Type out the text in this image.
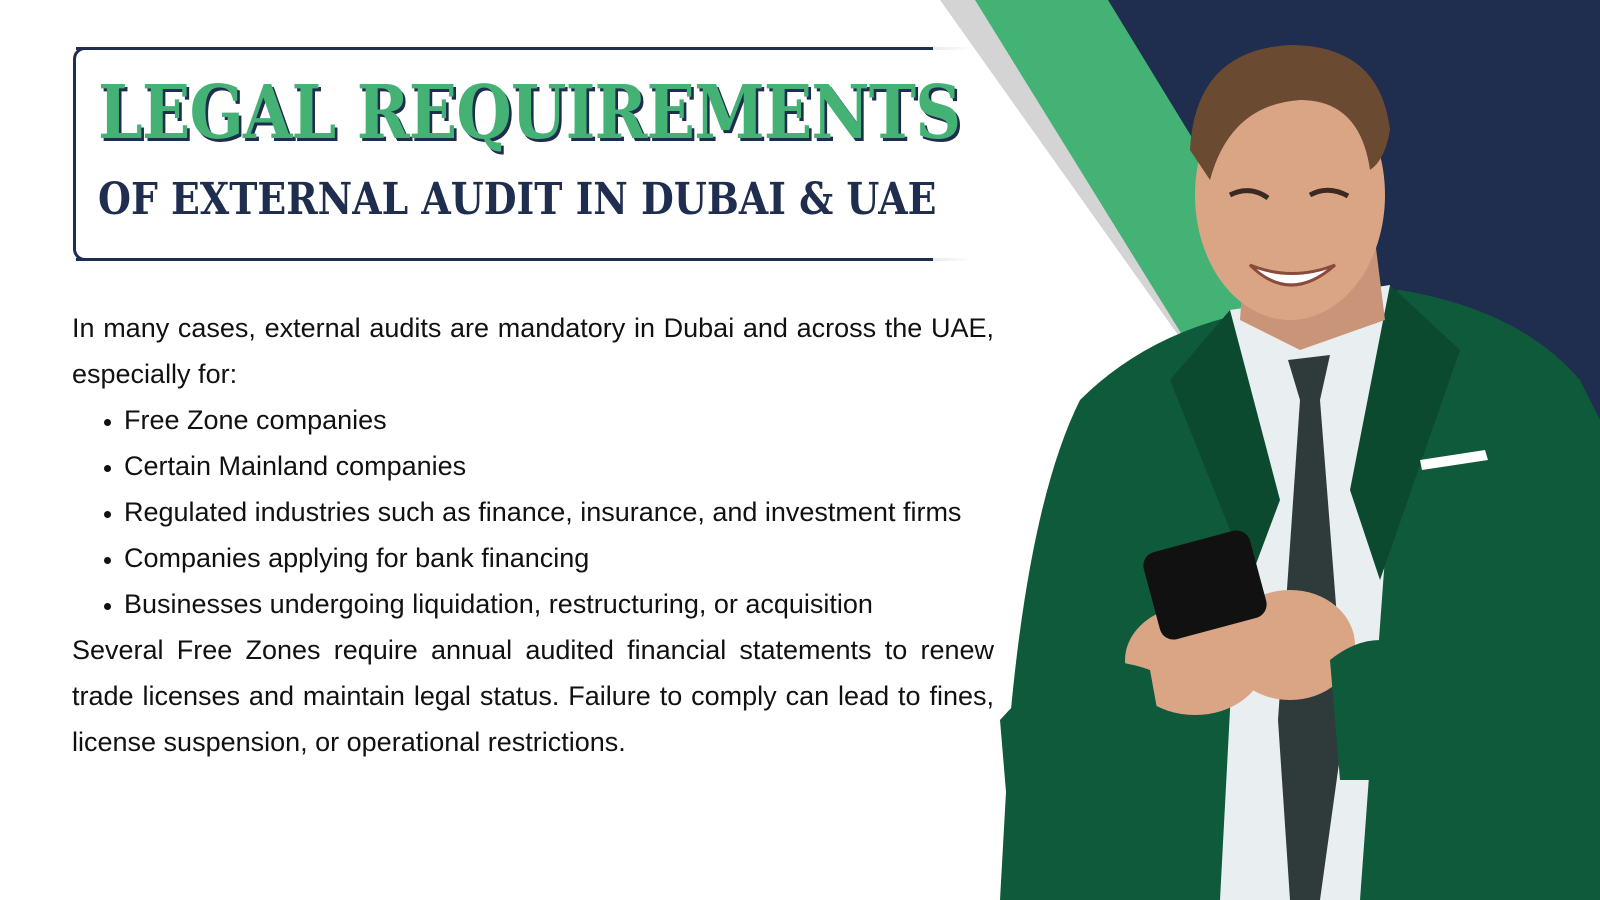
LEGAL REQUIREMENTS
OF EXTERNAL AUDIT IN DUBAI & UAE

In many cases, external audits are mandatory in Dubai and across the UAE, especially for:

• Free Zone companies
• Certain Mainland companies
• Regulated industries such as finance, insurance, and investment firms
• Companies applying for bank financing
• Businesses undergoing liquidation, restructuring, or acquisition

Several Free Zones require annual audited financial statements to renew trade licenses and maintain legal status. Failure to comply can lead to fines, license suspension, or operational restrictions.
